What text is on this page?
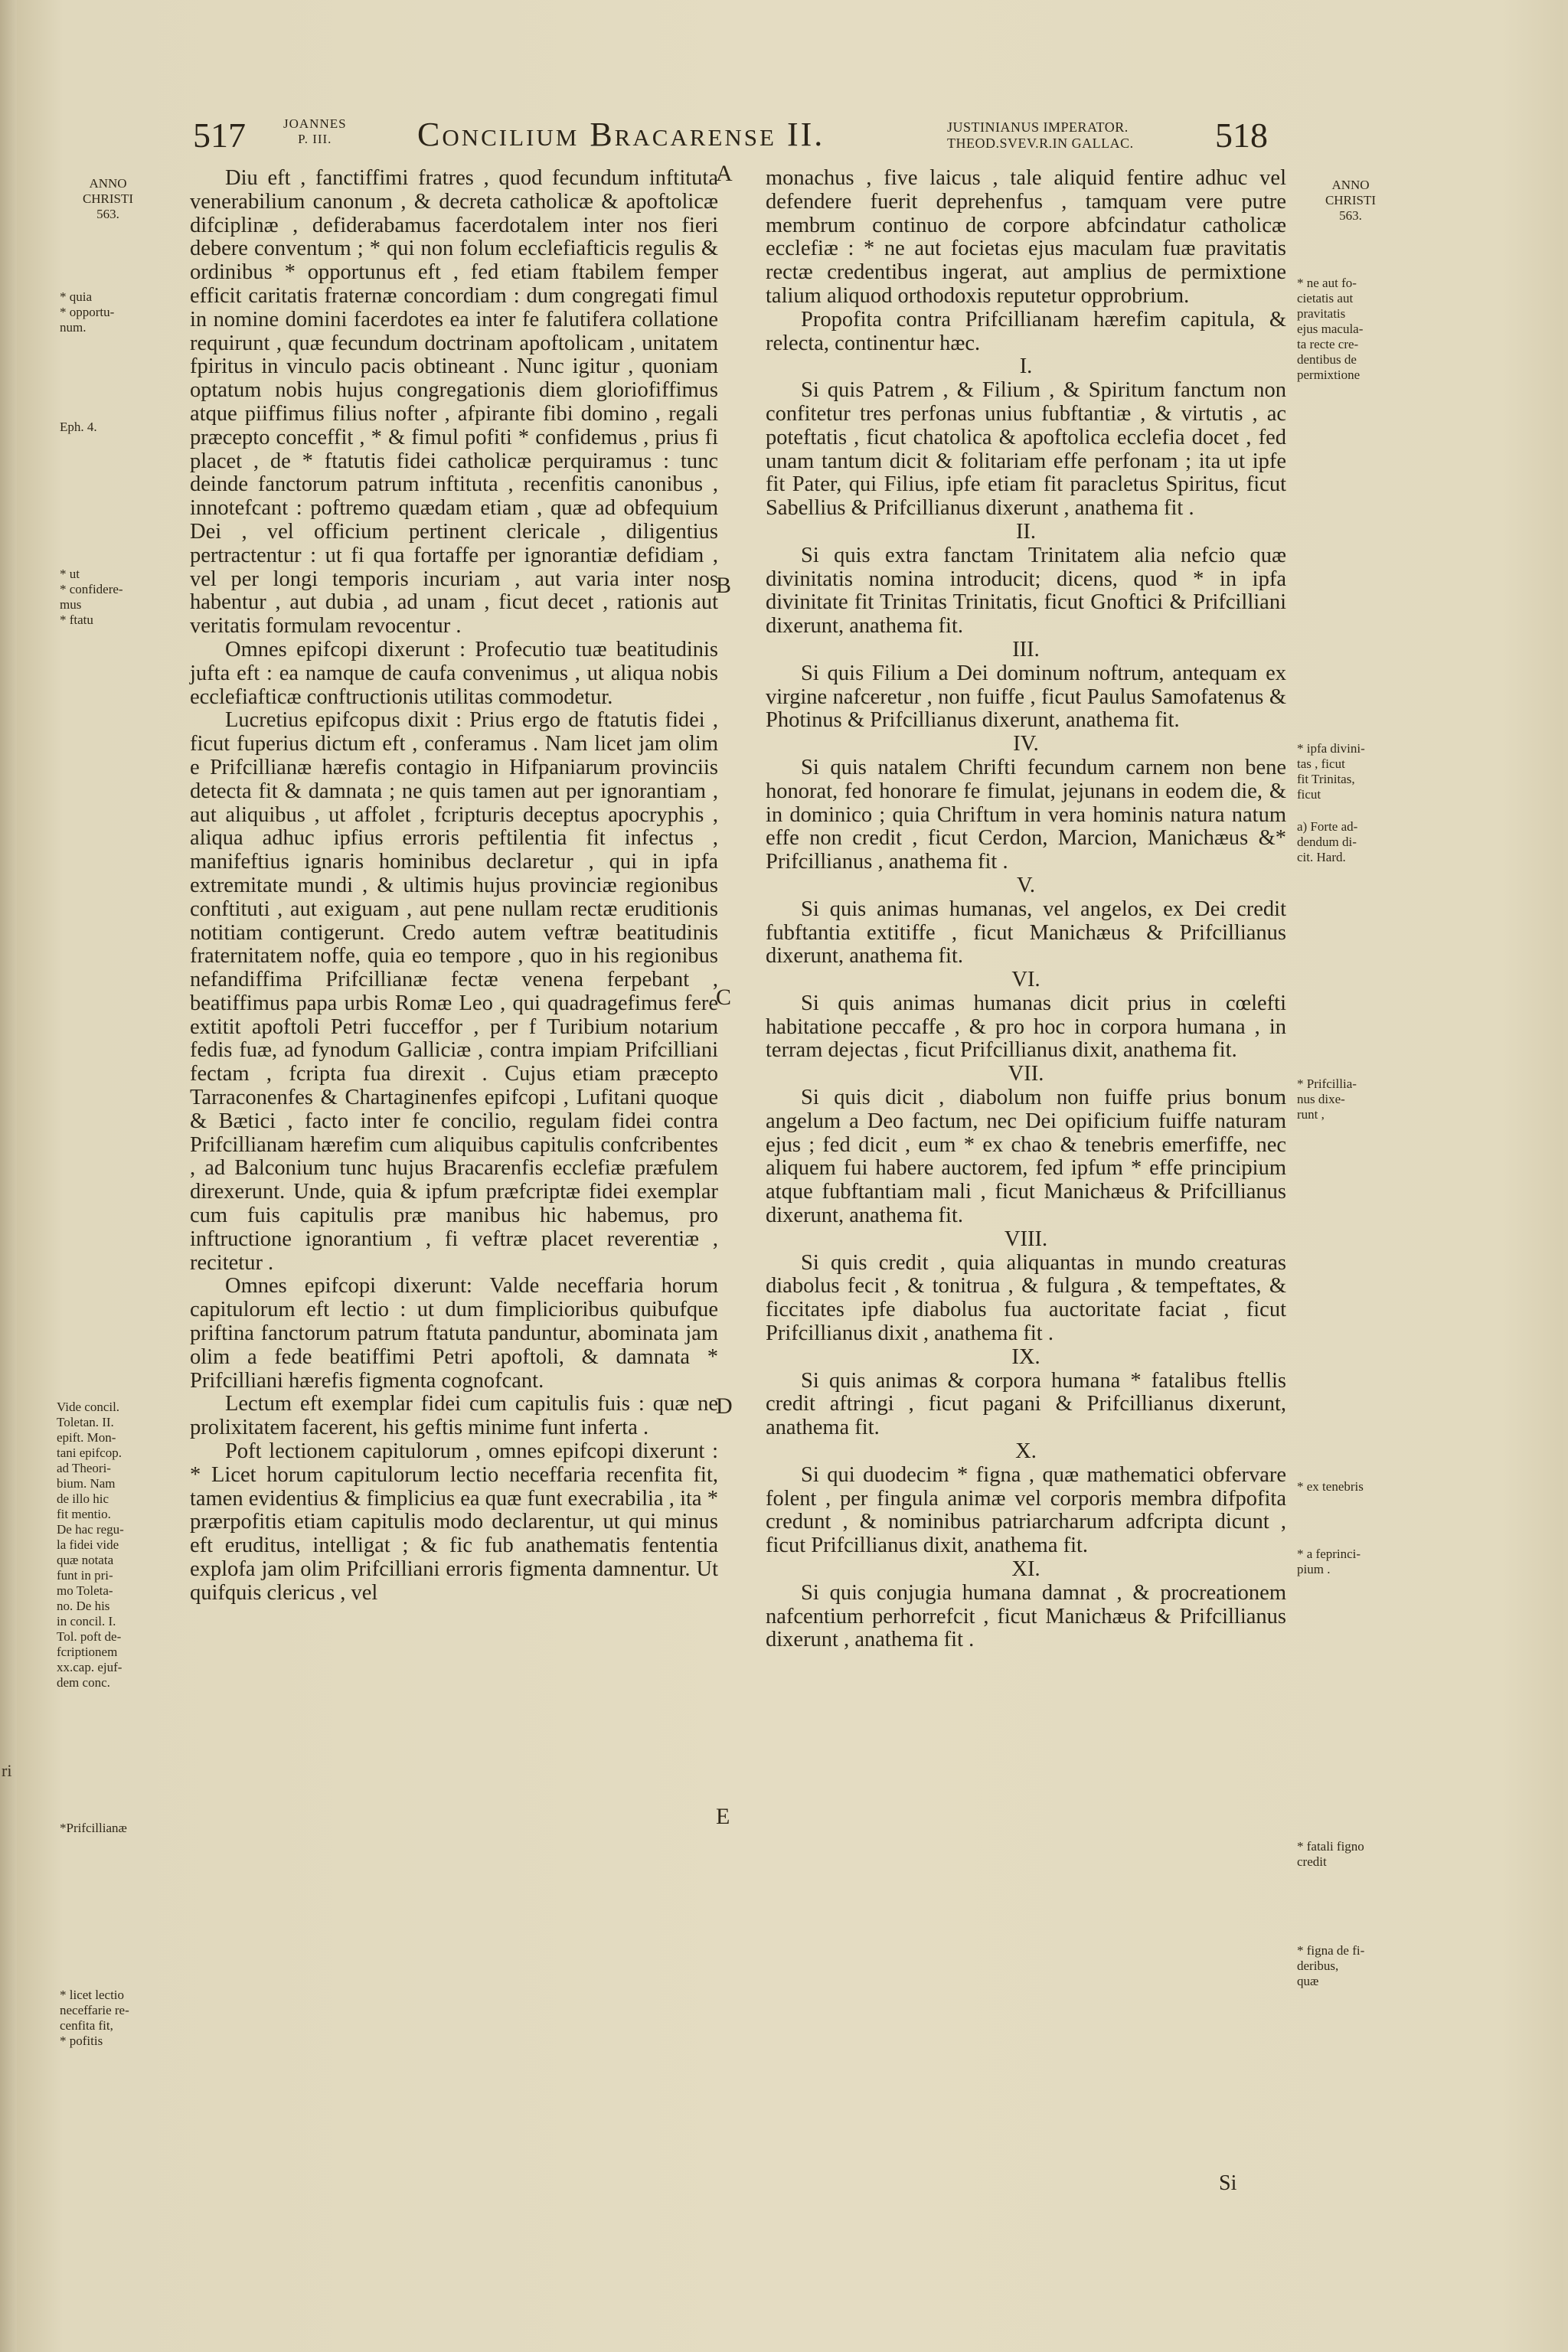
ri
517	JOANNES
P. III.	Concilium Bracarense II.	JUSTINIANUS IMPERATOR.
THEOD.SVEV.R.IN GALLAC. 518
ANNO
CHRISTI
563.
* quia
* opportu-
num.
Eph. 4.
* ut
* confidere-
mus
* ftatu
Vide concil.
Toletan. II.
epift. Mon-
tani epifcop.
ad Theori-
bium. Nam
de illo hic
fit mentio.
De hac regu-
la fidei vide
quæ notata
funt in pri-
mo Toleta-
no. De his
in concil. I.
Tol. poft de-
fcriptionem
xx.cap. ejuf-
dem conc.
*Prifcillianæ
* licet lectio
neceffarie re-
cenfita fit,
* pofitis

Diu eft , fanctiffimi fratres , quod fecundum inftituta venerabilium canonum , & decreta catholicæ & apoftolicæ difciplinæ , defiderabamus facerdotalem inter nos fieri debere conventum ; * qui non folum ecclefiafticis regulis & ordinibus * opportunus eft , fed etiam ftabilem femper efficit caritatis fraternæ concordiam : dum congregati fimul in nomine domini facerdotes ea inter fe falutifera collatione requirunt , quæ fecundum doctrinam apoftolicam , unitatem fpiritus in vinculo pacis obtineant . Nunc igitur , quoniam optatum nobis hujus congregationis diem gloriofiffimus atque piiffimus filius nofter , afpirante fibi domino , regali præcepto conceffit , * & fimul pofiti * confidemus , prius fi placet , de * ftatutis fidei catholicæ perquiramus : tunc deinde fanctorum patrum inftituta , recenfitis canonibus , innotefcant : poftremo quædam etiam , quæ ad obfequium Dei , vel officium pertinent clericale , diligentius pertractentur : ut fi qua fortaffe per ignorantiæ defidiam , vel per longi temporis incuriam , aut varia inter nos habentur , aut dubia , ad unam , ficut decet , rationis aut veritatis formulam revocentur .

Omnes epifcopi dixerunt : Profecutio tuæ beatitudinis jufta eft : ea namque de caufa convenimus , ut aliqua nobis ecclefiafticæ conftructionis utilitas commodetur.

Lucretius epifcopus dixit : Prius ergo de ftatutis fidei , ficut fuperius dictum eft , conferamus . Nam licet jam olim e Prifcillianæ hærefis contagio in Hifpaniarum provinciis detecta fit & damnata ; ne quis tamen aut per ignorantiam , aut aliquibus , ut affolet , fcripturis deceptus apocryphis , aliqua adhuc ipfius erroris peftilentia fit infectus , manifeftius ignaris hominibus declaretur , qui in ipfa extremitate mundi , & ultimis hujus provinciæ regionibus conftituti , aut exiguam , aut pene nullam rectæ eruditionis notitiam contigerunt. Credo autem veftræ beatitudinis fraternitatem noffe, quia eo tempore , quo in his regionibus nefandiffima Prifcillianæ fectæ venena ferpebant , beatiffimus papa urbis Romæ Leo , qui quadragefimus fere extitit apoftoli Petri fucceffor , per f Turibium notarium fedis fuæ, ad fynodum Galliciæ , contra impiam Prifcilliani fectam , fcripta fua direxit . Cujus etiam præcepto Tarraconenfes & Chartaginenfes epifcopi , Lufitani quoque & Bætici , facto inter fe concilio, regulam fidei contra Prifcillianam hærefim cum aliquibus capitulis confcribentes , ad Balconium tunc hujus Bracarenfis ecclefiæ præfulem direxerunt. Unde, quia & ipfum præfcriptæ fidei exemplar cum fuis capitulis præ manibus hic habemus, pro inftructione ignorantium , fi veftræ placet reverentiæ , recitetur .

Omnes epifcopi dixerunt: Valde neceffaria horum capitulorum eft lectio : ut dum fimplicioribus quibufque priftina fanctorum patrum ftatuta panduntur, abominata jam olim a fede beatiffimi Petri apoftoli, & damnata * Prifcilliani hærefis figmenta cognofcant.

Lectum eft exemplar fidei cum capitulis fuis : quæ ne prolixitatem facerent, his geftis minime funt inferta .

Poft lectionem capitulorum , omnes epifcopi dixerunt : * Licet horum capitulorum lectio neceffaria recenfita fit, tamen evidentius & fimplicius ea quæ funt execrabilia , ita * prærpofitis etiam capitulis modo declarentur, ut qui minus eft eruditus, intelligat ; & fic fub anathematis fententia explofa jam olim Prifcilliani erroris figmenta damnentur. Ut quifquis clericus , vel

A
B
C
D
E

monachus , five laicus , tale aliquid fentire adhuc vel defendere fuerit deprehenfus , tamquam vere putre membrum continuo de corpore abfcindatur catholicæ ecclefiæ : * ne aut focietas ejus maculam fuæ pravitatis rectæ credentibus ingerat, aut amplius de permixtione talium aliquod orthodoxis reputetur opprobrium.

Propofita contra Prifcillianam hærefim capitula, & relecta, continentur hæc.

I.

Si quis Patrem , & Filium , & Spiritum fanctum non confitetur tres perfonas unius fubftantiæ , & virtutis , ac poteftatis , ficut chatolica & apoftolica ecclefia docet , fed unam tantum dicit & folitariam effe perfonam ; ita ut ipfe fit Pater, qui Filius, ipfe etiam fit paracletus Spiritus, ficut Sabellius & Prifcillianus dixerunt , anathema fit .

II.

Si quis extra fanctam Trinitatem alia nefcio quæ divinitatis nomina introducit; dicens, quod * in ipfa divinitate fit Trinitas Trinitatis, ficut Gnoftici & Prifcilliani dixerunt, anathema fit.

III.

Si quis Filium a Dei dominum noftrum, antequam ex virgine nafceretur , non fuiffe , ficut Paulus Samofatenus & Photinus & Prifcillianus dixerunt, anathema fit.

IV.

Si quis natalem Chrifti fecundum carnem non bene honorat, fed honorare fe fimulat, jejunans in eodem die, & in dominico ; quia Chriftum in vera hominis natura natum effe non credit , ficut Cerdon, Marcion, Manichæus &* Prifcillianus , anathema fit .

V.

Si quis animas humanas, vel angelos, ex Dei credit fubftantia extitiffe , ficut Manichæus & Prifcillianus dixerunt, anathema fit.

VI.

Si quis animas humanas dicit prius in cœlefti habitatione peccaffe , & pro hoc in corpora humana , in terram dejectas , ficut Prifcillianus dixit, anathema fit.

VII.

Si quis dicit , diabolum non fuiffe prius bonum angelum a Deo factum, nec Dei opificium fuiffe naturam ejus ; fed dicit , eum * ex chao & tenebris emerfiffe, nec aliquem fui habere auctorem, fed ipfum * effe principium atque fubftantiam mali , ficut Manichæus & Prifcillianus dixerunt, anathema fit.

VIII.

Si quis credit , quia aliquantas in mundo creaturas diabolus fecit , & tonitrua , & fulgura , & tempeftates, & ficcitates ipfe diabolus fua auctoritate faciat , ficut Prifcillianus dixit , anathema fit .

IX.

Si quis animas & corpora humana * fatalibus ftellis credit aftringi , ficut pagani & Prifcillianus dixerunt, anathema fit.

X.

Si qui duodecim * figna , quæ mathematici obfervare folent , per fingula animæ vel corporis membra difpofita credunt , & nominibus patriarcharum adfcripta dicunt , ficut Prifcillianus dixit, anathema fit.

XI.

Si quis conjugia humana damnat , & procreationem nafcentium perhorrefcit , ficut Manichæus & Prifcillianus dixerunt , anathema fit .

ANNO
CHRISTI
563.
* ne aut fo-
cietatis aut
pravitatis
ejus macula-
ta recte cre-
dentibus de
permixtione
* ipfa divini-
tas , ficut
fit Trinitas,
ficut
a) Forte ad-
dendum di-
cit. Hard.
* Prifcillia-
nus dixe-
runt ,
* ex tenebris
* a feprinci-
pium .
* fatali figno
credit
* figna de fi-
deribus,
quæ
Si
